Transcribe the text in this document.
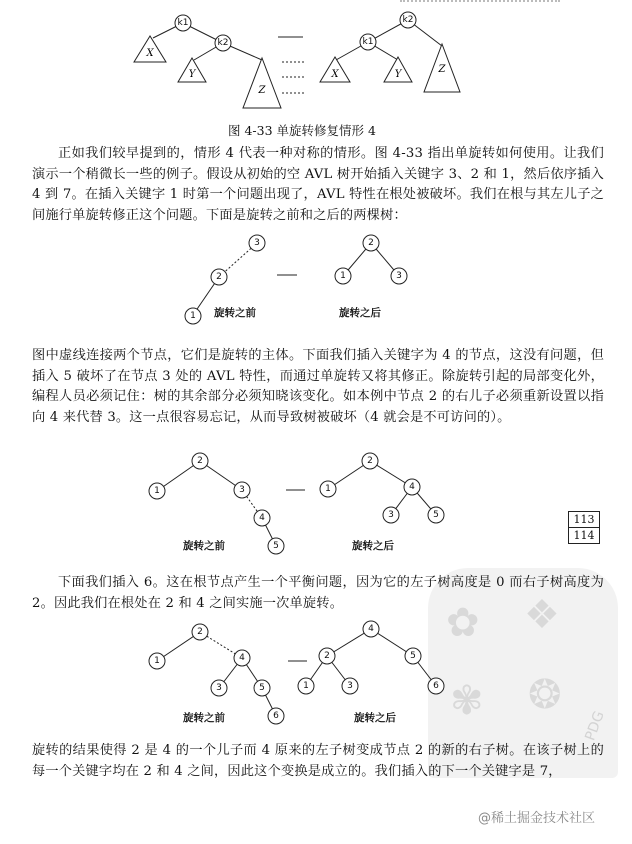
k1
k2
X
Y
Z
k2
k1
X	Y	Z
图 4-33 单旋转修复情形 4
正如我们较早提到的，情形 4 代表一种对称的情形。图 4-33 指出单旋转如何使用。让我们演示一个稍微长一些的例子。假设从初始的空 AVL 树开始插入关键字 3、2 和 1，然后依序插入 4 到 7。在插入关键字 1 时第一个问题出现了，AVL 特性在根处被破坏。我们在根与其左儿子之间施行单旋转修正这个问题。下面是旋转之前和之后的两棵树：
3
2
1
2
1	3
旋转之前	旋转之后
图中虚线连接两个节点，它们是旋转的主体。下面我们插入关键字为 4 的节点，这没有问题，但插入 5 破坏了在节点 3 处的 AVL 特性，而通过单旋转又将其修正。除旋转引起的局部变化外，编程人员必须记住：树的其余部分必须知晓该变化。如本例中节点 2 的右儿子必须重新设置以指向 4 来代替 3。这一点很容易忘记，从而导致树被破坏（4 就会是不可访问的）。
2
1	3
4
5
2
1	4
3	5
旋转之前	旋转之后
113
114
✿ ❖
✾ ❂
PDG
下面我们插入 6。这在根节点产生一个平衡问题，因为它的左子树高度是 0 而右子树高度为 2。因此我们在根处在 2 和 4 之间实施一次单旋转。
2
1	4
3	5
6
4
2	5
1	3	6
旋转之前	旋转之后
旋转的结果使得 2 是 4 的一个儿子而 4 原来的左子树变成节点 2 的新的右子树。在该子树上的每一个关键字均在 2 和 4 之间，因此这个变换是成立的。我们插入的下一个关键字是 7，
@稀土掘金技术社区
